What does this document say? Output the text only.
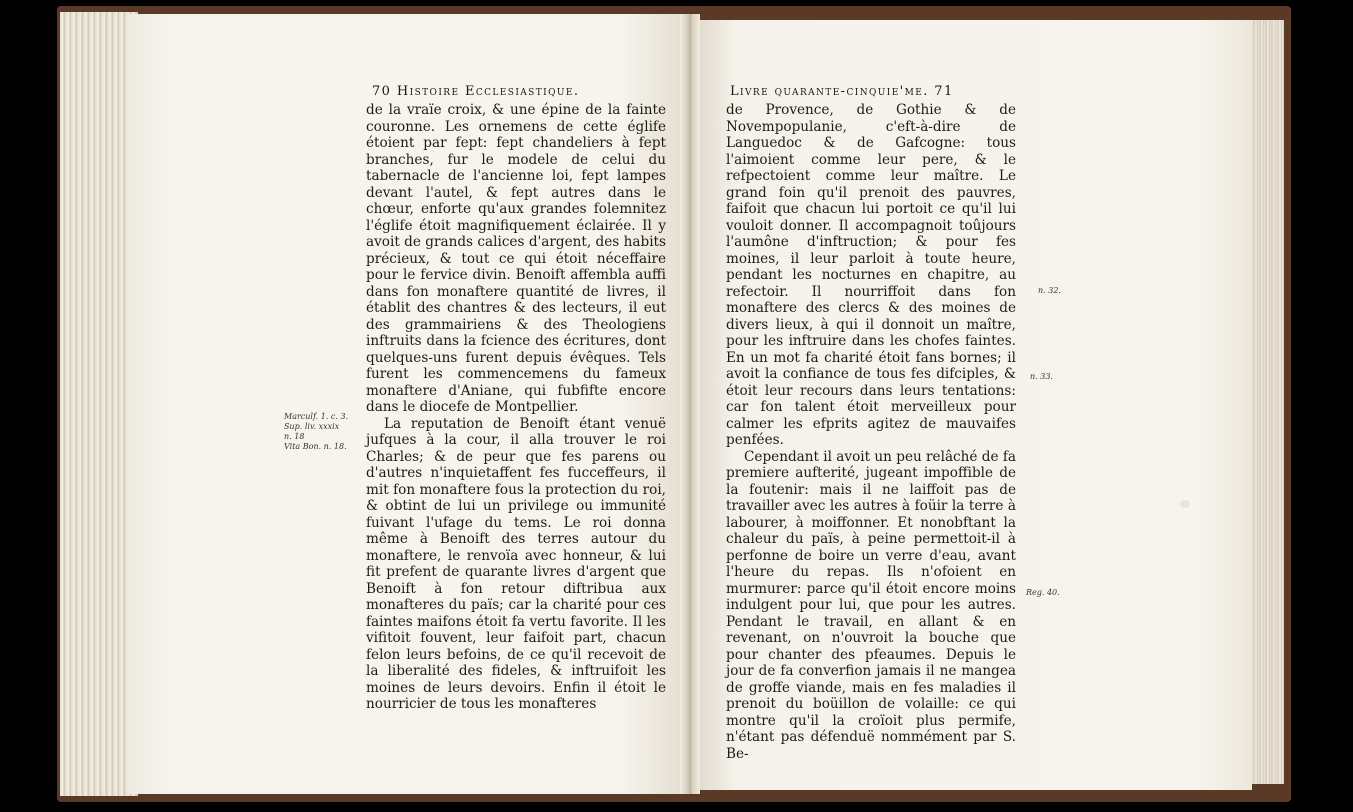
70 Histoire Ecclesiastique.	Livre quarante-cinquie'me. 71

de la vraïe croix, & une épine de la fainte couronne. Les ornemens de cette églife étoient par fept: fept chandeliers à fept branches, fur le modele de celui du tabernacle de l'ancienne loi, fept lampes devant l'autel, & fept autres dans le chœur, enforte qu'aux grandes folemnitez l'églife étoit magnifiquement éclairée. Il y avoit de grands calices d'argent, des habits précieux, & tout ce qui étoit néceffaire pour le fervice divin. Benoift affembla auffi dans fon monaftere quantité de livres, il établit des chantres & des lecteurs, il eut des grammairiens & des Theologiens inftruits dans la fcience des écritures, dont quelques-uns furent depuis évêques. Tels furent les commencemens du fameux monaftere d'Aniane, qui fubfifte encore dans le diocefe de Montpellier.

La reputation de Benoift étant venuë jufques à la cour, il alla trouver le roi Charles; & de peur que fes parens ou d'autres n'inquietaffent fes fucceffeurs, il mit fon monaftere fous la protection du roi, & obtint de lui un privilege ou immunité fuivant l'ufage du tems. Le roi donna même à Benoift des terres autour du monaftere, le renvoïa avec honneur, & lui fit prefent de quarante livres d'argent que Benoift à fon retour diftribua aux monafteres du païs; car la charité pour ces faintes maifons étoit fa vertu favorite. Il les vifitoit fouvent, leur faifoit part, chacun felon leurs befoins, de ce qu'il recevoit de la liberalité des fideles, & inftruifoit les moines de leurs devoirs. Enfin il étoit le nourricier de tous les monafteres

Marculf. 1. c. 3.
Sup. liv. xxxix
n. 18
Vita Bon. n. 18.

de Provence, de Gothie & de Novempopulanie, c'eft-à-dire de Languedoc & de Gafcogne: tous l'aimoient comme leur pere, & le refpectoient comme leur maître. Le grand foin qu'il prenoit des pauvres, faifoit que chacun lui portoit ce qu'il lui vouloit donner. Il accompagnoit toûjours l'aumône d'inftruction; & pour fes moines, il leur parloit à toute heure, pendant les nocturnes en chapitre, au refectoir. Il nourriffoit dans fon monaftere des clercs & des moines de divers lieux, à qui il donnoit un maître, pour les inftruire dans les chofes faintes. En un mot fa charité étoit fans bornes; il avoit la confiance de tous fes difciples, & étoit leur recours dans leurs tentations: car fon talent étoit merveilleux pour calmer les efprits agitez de mauvaifes penfées.

Cependant il avoit un peu relâché de fa premiere aufterité, jugeant impoffible de la foutenir: mais il ne laiffoit pas de travailler avec les autres à foüir la terre à labourer, à moiffonner. Et nonobftant la chaleur du païs, à peine permettoit-il à perfonne de boire un verre d'eau, avant l'heure du repas. Ils n'ofoient en murmurer: parce qu'il étoit encore moins indulgent pour lui, que pour les autres. Pendant le travail, en allant & en revenant, on n'ouvroit la bouche que pour chanter des pfeaumes. Depuis le jour de fa converfion jamais il ne mangea de groffe viande, mais en fes maladies il prenoit du boüillon de volaille: ce qui montre qu'il la croïoit plus permife, n'étant pas défenduë nommément par S. Be-

n. 32.
n. 33.
Reg. 40.
